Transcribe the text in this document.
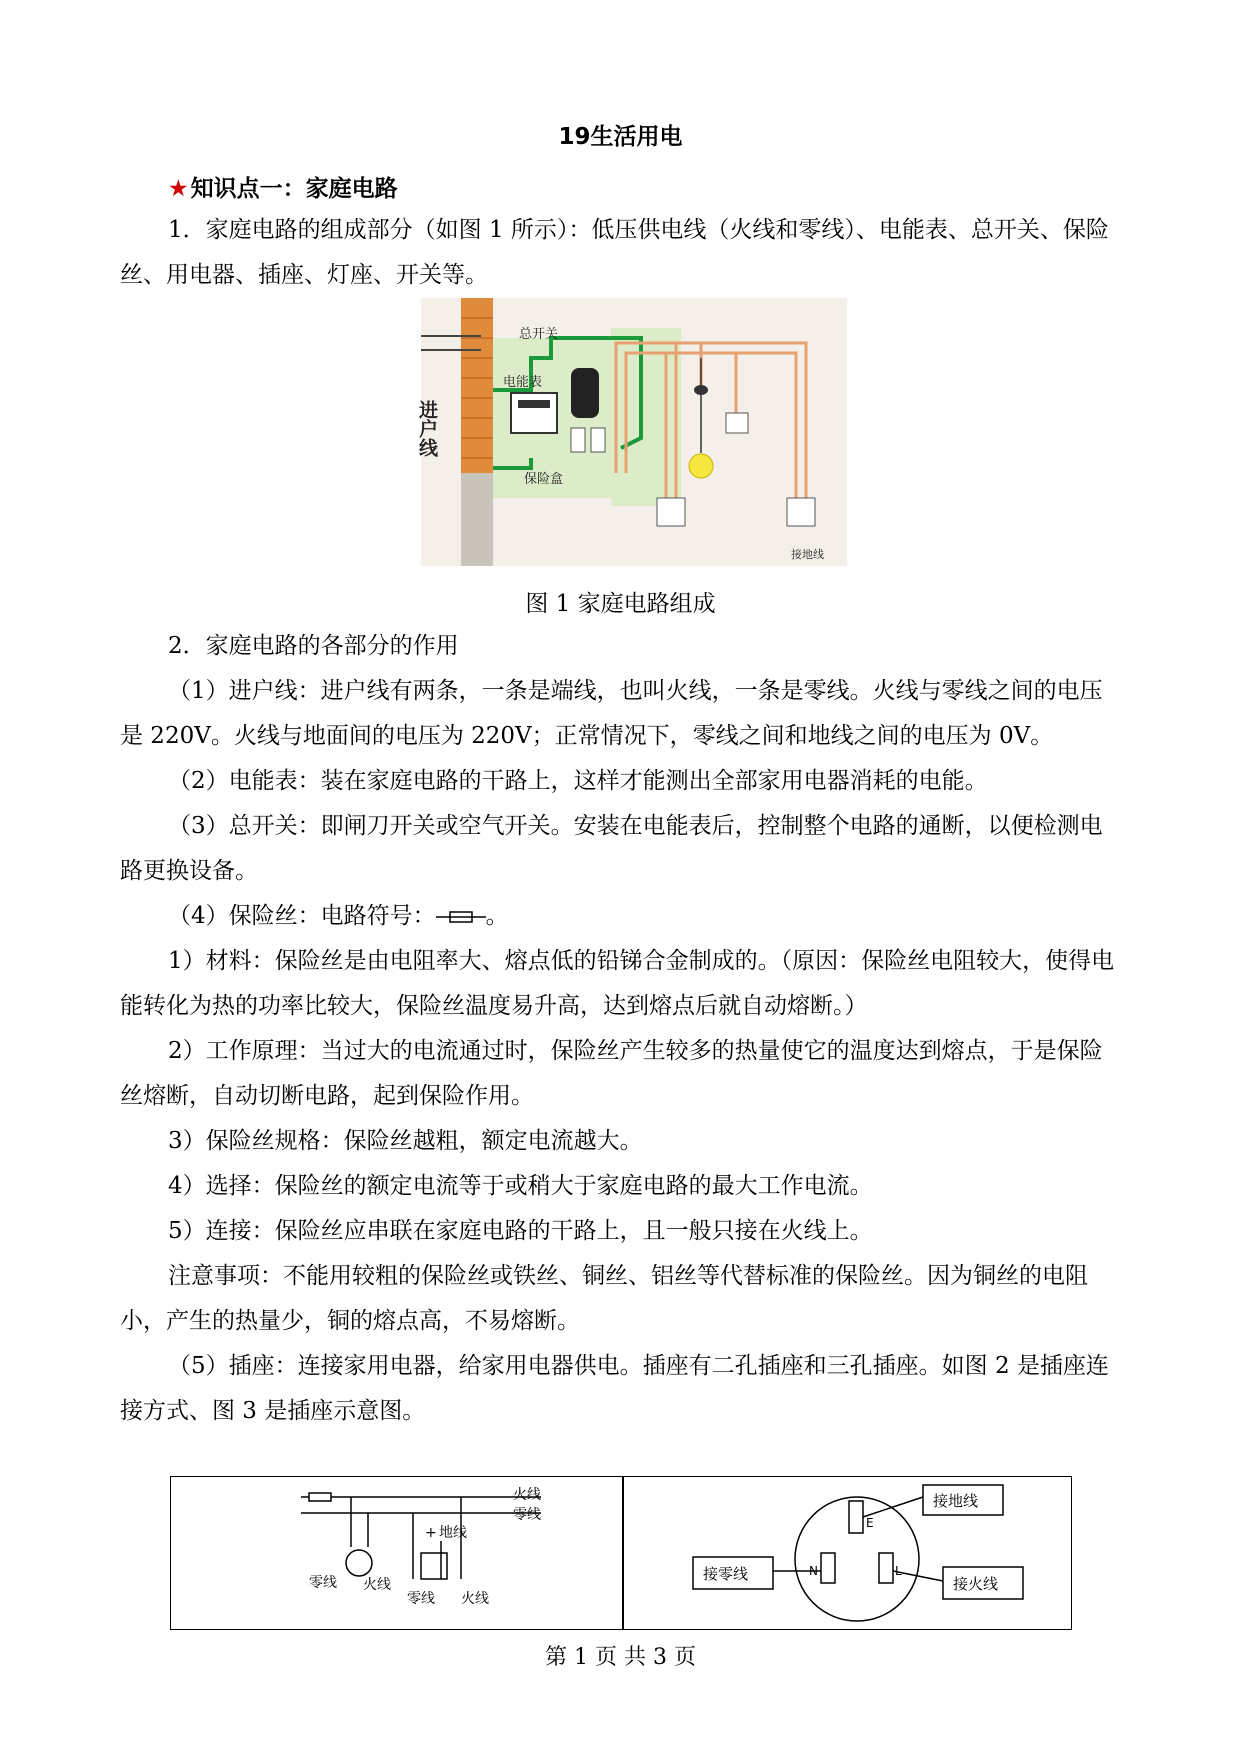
19生活用电
★知识点一：家庭电路

1．家庭电路的组成部分（如图 1 所示）：低压供电线（火线和零线）、电能表、总开关、保险丝、用电器、插座、灯座、开关等。

进户线
电能表
总开关
保险盒
接地线
图 1 家庭电路组成

2．家庭电路的各部分的作用

（1）进户线：进户线有两条，一条是端线，也叫火线，一条是零线。火线与零线之间的电压是 220V。火线与地面间的电压为 220V；正常情况下，零线之间和地线之间的电压为 0V。

（2）电能表：装在家庭电路的干路上，这样才能测出全部家用电器消耗的电能。

（3）总开关：即闸刀开关或空气开关。安装在电能表后，控制整个电路的通断，以便检测电路更换设备。

（4）保险丝：电路符号： 。

1）材料：保险丝是由电阻率大、熔点低的铅锑合金制成的。（原因：保险丝电阻较大，使得电能转化为热的功率比较大，保险丝温度易升高，达到熔点后就自动熔断。）

2）工作原理：当过大的电流通过时，保险丝产生较多的热量使它的温度达到熔点，于是保险丝熔断，自动切断电路，起到保险作用。

3）保险丝规格：保险丝越粗，额定电流越大。

4）选择：保险丝的额定电流等于或稍大于家庭电路的最大工作电流。

5）连接：保险丝应串联在家庭电路的干路上，且一般只接在火线上。

注意事项：不能用较粗的保险丝或铁丝、铜丝、铝丝等代替标准的保险丝。因为铜丝的电阻小，产生的热量少，铜的熔点高，不易熔断。

（5）插座：连接家用电器，给家用电器供电。插座有二孔插座和三孔插座。如图 2 是插座连接方式、图 3 是插座示意图。

火线
零线
+ 地线
零线 火线
零线 火线
接地线
接零线
接火线
E
N	L
第 1 页 共 3 页
